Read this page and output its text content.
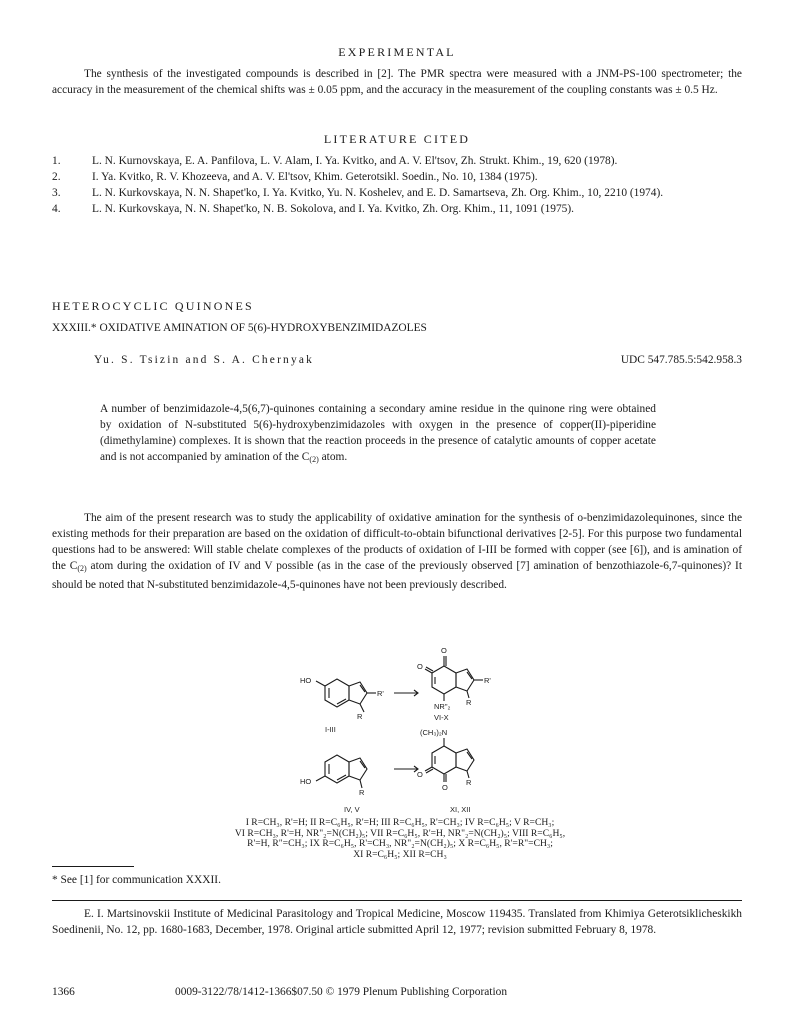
EXPERIMENTAL
The synthesis of the investigated compounds is described in [2]. The PMR spectra were measured with a JNM-PS-100 spectrometer; the accuracy in the measurement of the chemical shifts was ± 0.05 ppm, and the accuracy in the measurement of the coupling constants was ± 0.5 Hz.
LITERATURE CITED
1.	L. N. Kurnovskaya, E. A. Panfilova, L. V. Alam, I. Ya. Kvitko, and A. V. El'tsov, Zh. Strukt. Khim., 19, 620 (1978).
2.	I. Ya. Kvitko, R. V. Khozeeva, and A. V. El'tsov, Khim. Geterotsikl. Soedin., No. 10, 1384 (1975).
3.	L. N. Kurkovskaya, N. N. Shapet'ko, I. Ya. Kvitko, Yu. N. Koshelev, and E. D. Samartseva, Zh. Org. Khim., 10, 2210 (1974).
4.	L. N. Kurkovskaya, N. N. Shapet'ko, N. B. Sokolova, and I. Ya. Kvitko, Zh. Org. Khim., 11, 1091 (1975).
HETEROCYCLIC QUINONES
XXXIII.* OXIDATIVE AMINATION OF 5(6)-HYDROXYBENZIMIDAZOLES
Yu. S. Tsizin and S. A. Chernyak	UDC 547.785.5:542.958.3
A number of benzimidazole-4,5(6,7)-quinones containing a secondary amine residue in the quinone ring were obtained by oxidation of N-substituted 5(6)-hydroxybenzimidazoles with oxygen in the presence of copper(II)-piperidine (dimethylamine) complexes. It is shown that the reaction proceeds in the presence of catalytic amounts of copper acetate and is not accompanied by amination of the $C_{(2)}$ atom.
The aim of the present research was to study the applicability of oxidative amination for the synthesis of o-benzimidazolequinones, since the existing methods for their preparation are based on the oxidation of difficult-to-obtain bifunctional derivatives [2-5]. For this purpose two fundamental questions had to be answered: Will stable chelate complexes of the products of oxidation of I-III be formed with copper (see [6]), and is amination of the C(2) atom during the oxidation of IV and V possible (as in the case of the previously observed [7] amination of benzothiazole-6,7-quinones)? It should be noted that N-substituted benzimidazole-4,5-quinones have not been previously described.
HO
R'
R
I-III
O
O
R'
NR"₂ R
VI-X
(CH₃)₂N
HO
R
IV, V
O
O
R
XI, XII
I R=CH₃, R'=H; II R=C₆H₅, R'=H; III R=C₆H₅, R'=CH₃; IV R=C₆H₅; V R=CH₃;
VI R=CH₃, R'=H, NR"₂=N(CH₂)₅; VII R=C₆H₅, R'=H, NR"₂=N(CH₂)₅; VIII R=C₆H₅,
R'=H, R"=CH₃; IX R=C₆H₅, R'=CH₃, NR"₂=N(CH₂)₅; X R=C₆H₅, R'=R"=CH₃;
XI R=C₆H₅; XII R=CH₃
* See [1] for communication XXXII.
E. I. Martsinovskii Institute of Medicinal Parasitology and Tropical Medicine, Moscow 119435. Translated from Khimiya Geterotsiklicheskikh Soedinenii, No. 12, pp. 1680-1683, December, 1978. Original article submitted April 12, 1977; revision submitted February 8, 1978.
1366	0009-3122/78/1412-1366$07.50 © 1979 Plenum Publishing Corporation
